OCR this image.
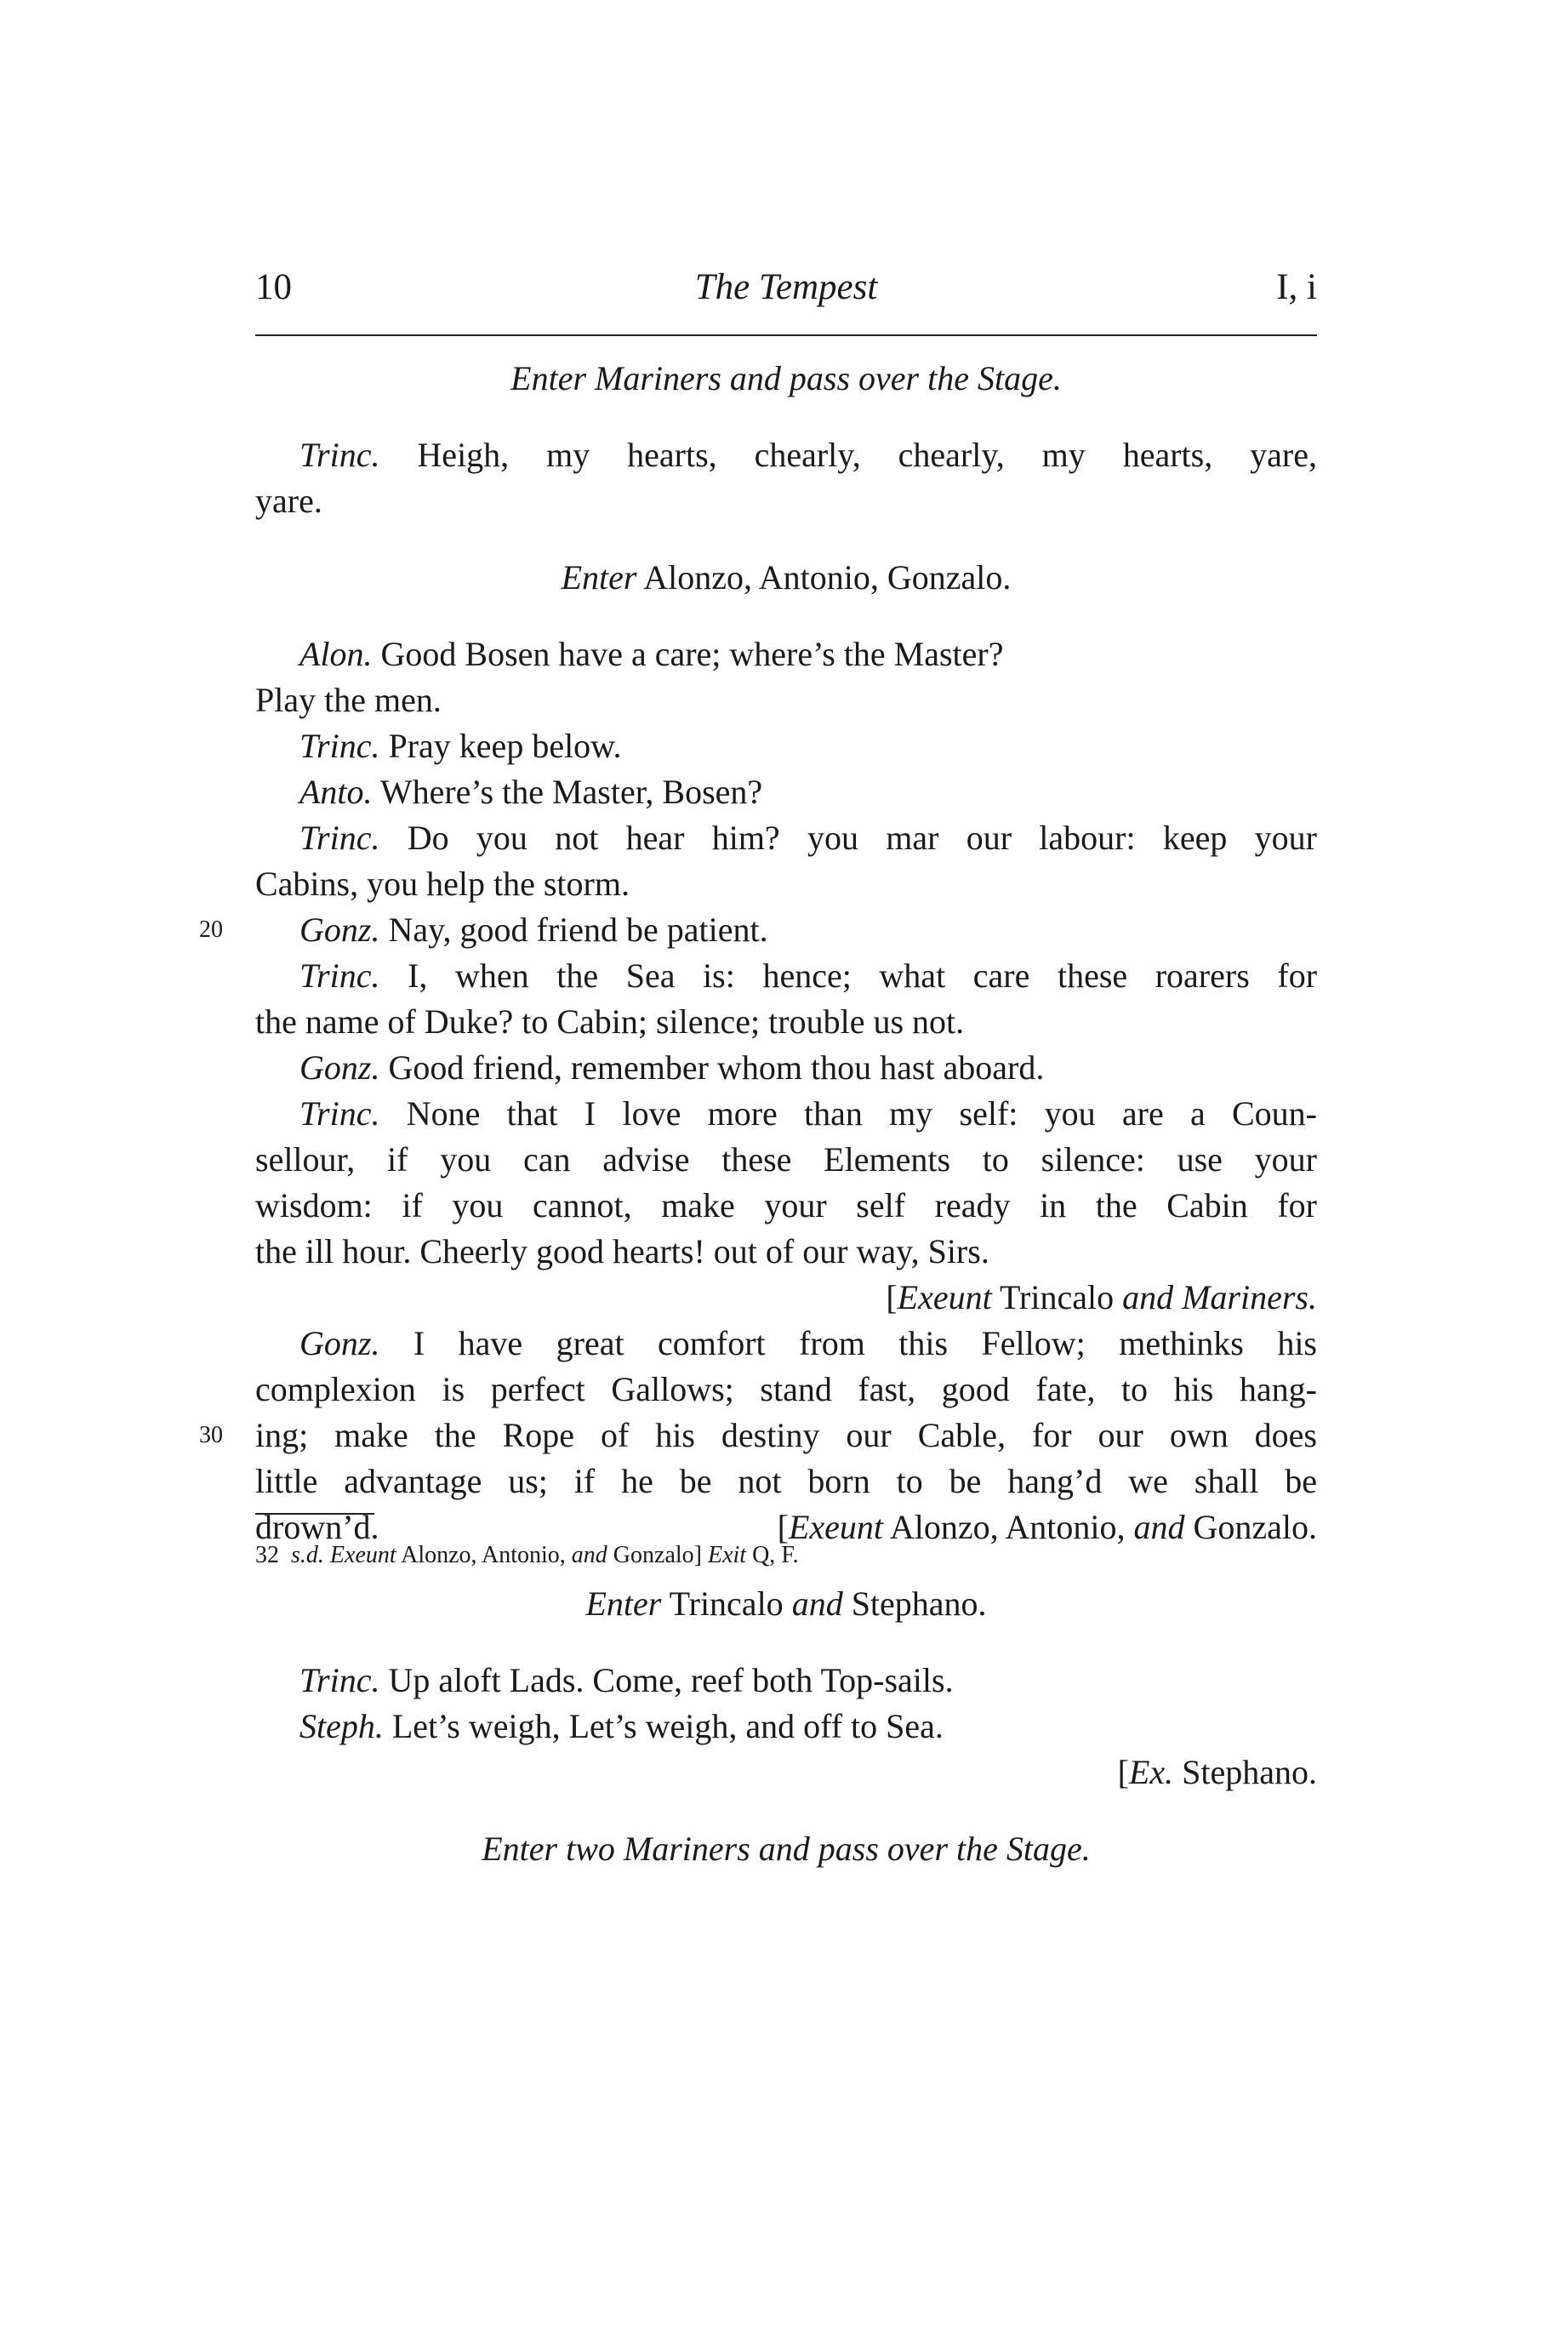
10	The Tempest	I, i
Enter Mariners and pass over the Stage.
Trinc. Heigh, my hearts, chearly, chearly, my hearts, yare,
yare.
Enter Alonzo, Antonio, Gonzalo.
Alon. Good Bosen have a care; where’s the Master?
Play the men.
Trinc. Pray keep below.
Anto. Where’s the Master, Bosen?
Trinc. Do you not hear him? you mar our labour: keep your
Cabins, you help the storm.
20 Gonz. Nay, good friend be patient.
Trinc. I, when the Sea is: hence; what care these roarers for
the name of Duke? to Cabin; silence; trouble us not.
Gonz. Good friend, remember whom thou hast aboard.
Trinc. None that I love more than my self: you are a Coun-
sellour, if you can advise these Elements to silence: use your
wisdom: if you cannot, make your self ready in the Cabin for
the ill hour. Cheerly good hearts! out of our way, Sirs.
[Exeunt Trincalo and Mariners.
Gonz. I have great comfort from this Fellow; methinks his
complexion is perfect Gallows; stand fast, good fate, to his hang-
30 ing; make the Rope of his destiny our Cable, for our own does
little advantage us; if he be not born to be hang’d we shall be
drown’d.	[Exeunt Alonzo, Antonio, and Gonzalo.
Enter Trincalo and Stephano.
Trinc. Up aloft Lads. Come, reef both Top-sails.
Steph. Let’s weigh, Let’s weigh, and off to Sea.
[Ex. Stephano.
Enter two Mariners and pass over the Stage.
32 s.d. Exeunt Alonzo, Antonio, and Gonzalo] Exit Q, F.
